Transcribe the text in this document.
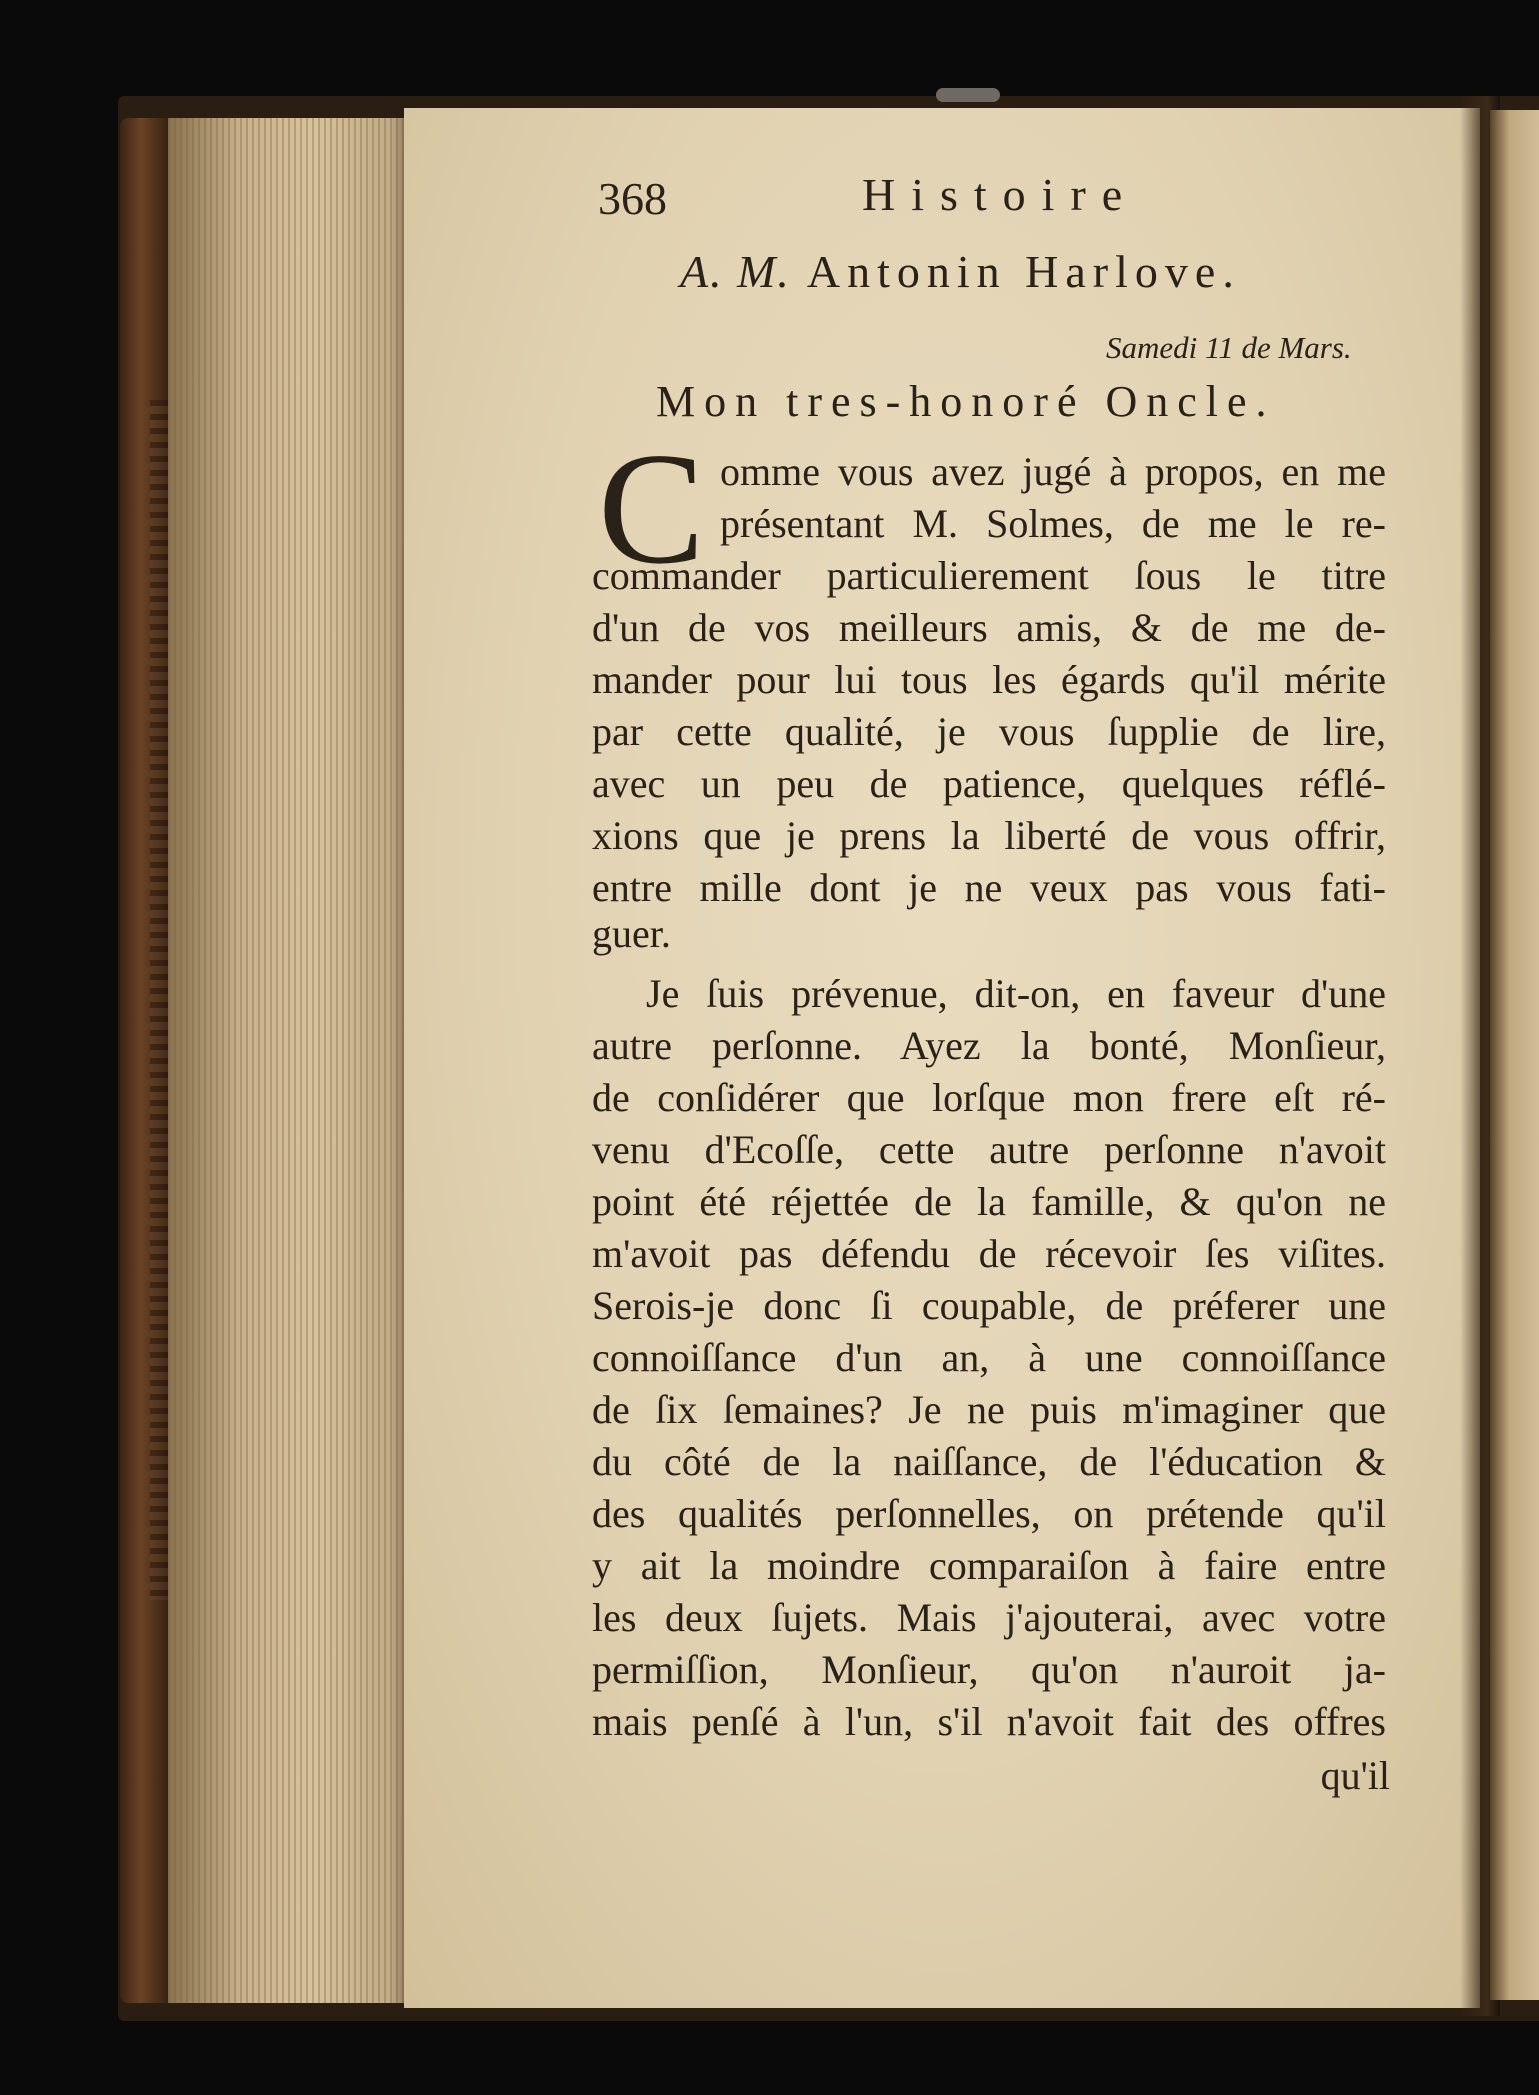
368	Histoire
A. M. Antonin Harlove.
Samedi 11 de Mars.
Mon tres-honoré Oncle.
C omme vous avez jugé à propos, en me
présentant M. Solmes, de me le re-
commander particulierement ſous le titre
d'un de vos meilleurs amis, & de me de-
mander pour lui tous les égards qu'il mérite
par cette qualité, je vous ſupplie de lire,
avec un peu de patience, quelques réflé-
xions que je prens la liberté de vous offrir,
entre mille dont je ne veux pas vous fati-
guer.
Je ſuis prévenue, dit-on, en faveur d'une
autre perſonne. Ayez la bonté, Monſieur,
de conſidérer que lorſque mon frere eſt ré-
venu d'Ecoſſe, cette autre perſonne n'avoit
point été réjettée de la famille, & qu'on ne
m'avoit pas défendu de récevoir ſes viſites.
Serois-je donc ſi coupable, de préferer une
connoiſſance d'un an, à une connoiſſance
de ſix ſemaines? Je ne puis m'imaginer que
du côté de la naiſſance, de l'éducation &
des qualités perſonnelles, on prétende qu'il
y ait la moindre comparaiſon à faire entre
les deux ſujets. Mais j'ajouterai, avec votre
permiſſion, Monſieur, qu'on n'auroit ja-
mais penſé à l'un, s'il n'avoit fait des offres
qu'il
